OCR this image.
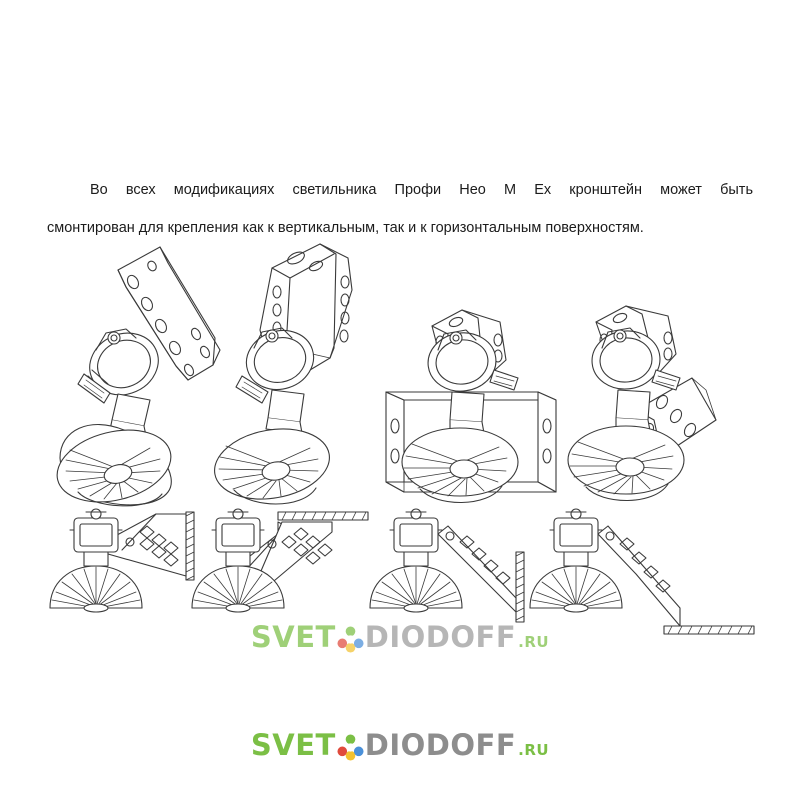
Во всех модификациях светильника Профи Нео М Ex кронштейн может быть
смонтирован для крепления как к вертикальным, так и к горизонтальным поверхностям.
SVET DIODOFF .RU
SVET DIODOFF .RU
